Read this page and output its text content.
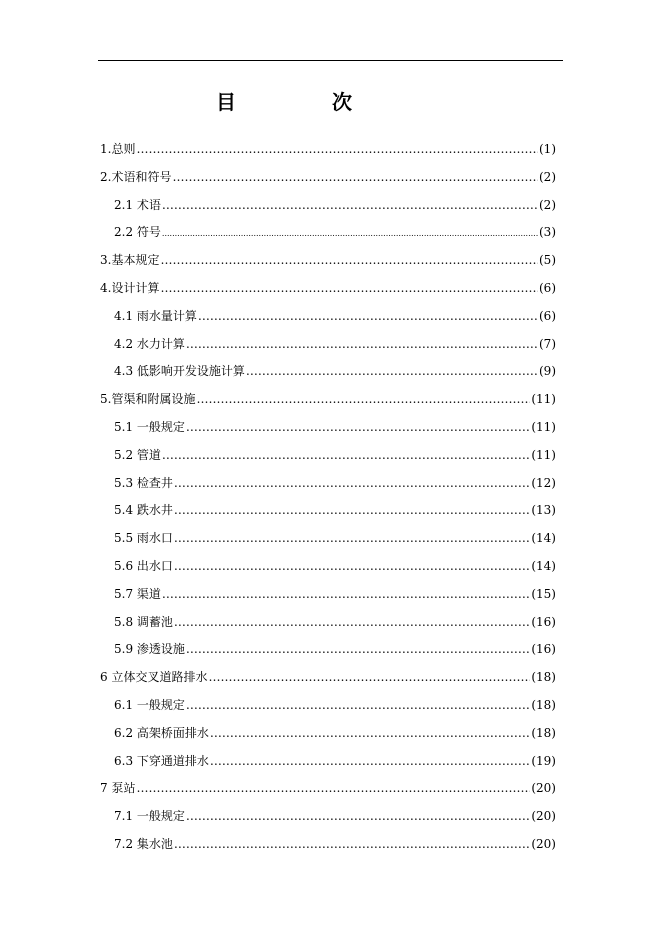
目　次
1.总则 ……………………………………………………………………………………………………………………………………………………	(1)
2.术语和符号 ……………………………………………………………………………………………………………………………………………………	(2)
2.1 术语 ……………………………………………………………………………………………………………………………………………………	(2)
2.2 符号 .....	(3)
3.基本规定 ……………………………………………………………………………………………………………………………………………………	(5)
4.设计计算 ……………………………………………………………………………………………………………………………………………………	(6)
4.1 雨水量计算 ……………………………………………………………………………………………………………………………………………………	(6)
4.2 水力计算 ……………………………………………………………………………………………………………………………………………………	(7)
4.3 低影响开发设施计算 ……………………………………………………………………………………………………………………………………………………	(9)
5.管渠和附属设施 ……………………………………………………………………………………………………………………………………………………	(11)
5.1 一般规定 ……………………………………………………………………………………………………………………………………………………	(11)
5.2 管道 ……………………………………………………………………………………………………………………………………………………	(11)
5.3 检查井 ……………………………………………………………………………………………………………………………………………………	(12)
5.4 跌水井 ……………………………………………………………………………………………………………………………………………………	(13)
5.5 雨水口 ……………………………………………………………………………………………………………………………………………………	(14)
5.6 出水口 ……………………………………………………………………………………………………………………………………………………	(14)
5.7 渠道 ……………………………………………………………………………………………………………………………………………………	(15)
5.8 调蓄池 ……………………………………………………………………………………………………………………………………………………	(16)
5.9 渗透设施 ……………………………………………………………………………………………………………………………………………………	(16)
6 立体交叉道路排水 ……………………………………………………………………………………………………………………………………………………	(18)
6.1 一般规定 ……………………………………………………………………………………………………………………………………………………	(18)
6.2 高架桥面排水 ……………………………………………………………………………………………………………………………………………………	(18)
6.3 下穿通道排水 ……………………………………………………………………………………………………………………………………………………	(19)
7 泵站 ……………………………………………………………………………………………………………………………………………………	(20)
7.1 一般规定 ……………………………………………………………………………………………………………………………………………………	(20)
7.2 集水池 ……………………………………………………………………………………………………………………………………………………	(20)
